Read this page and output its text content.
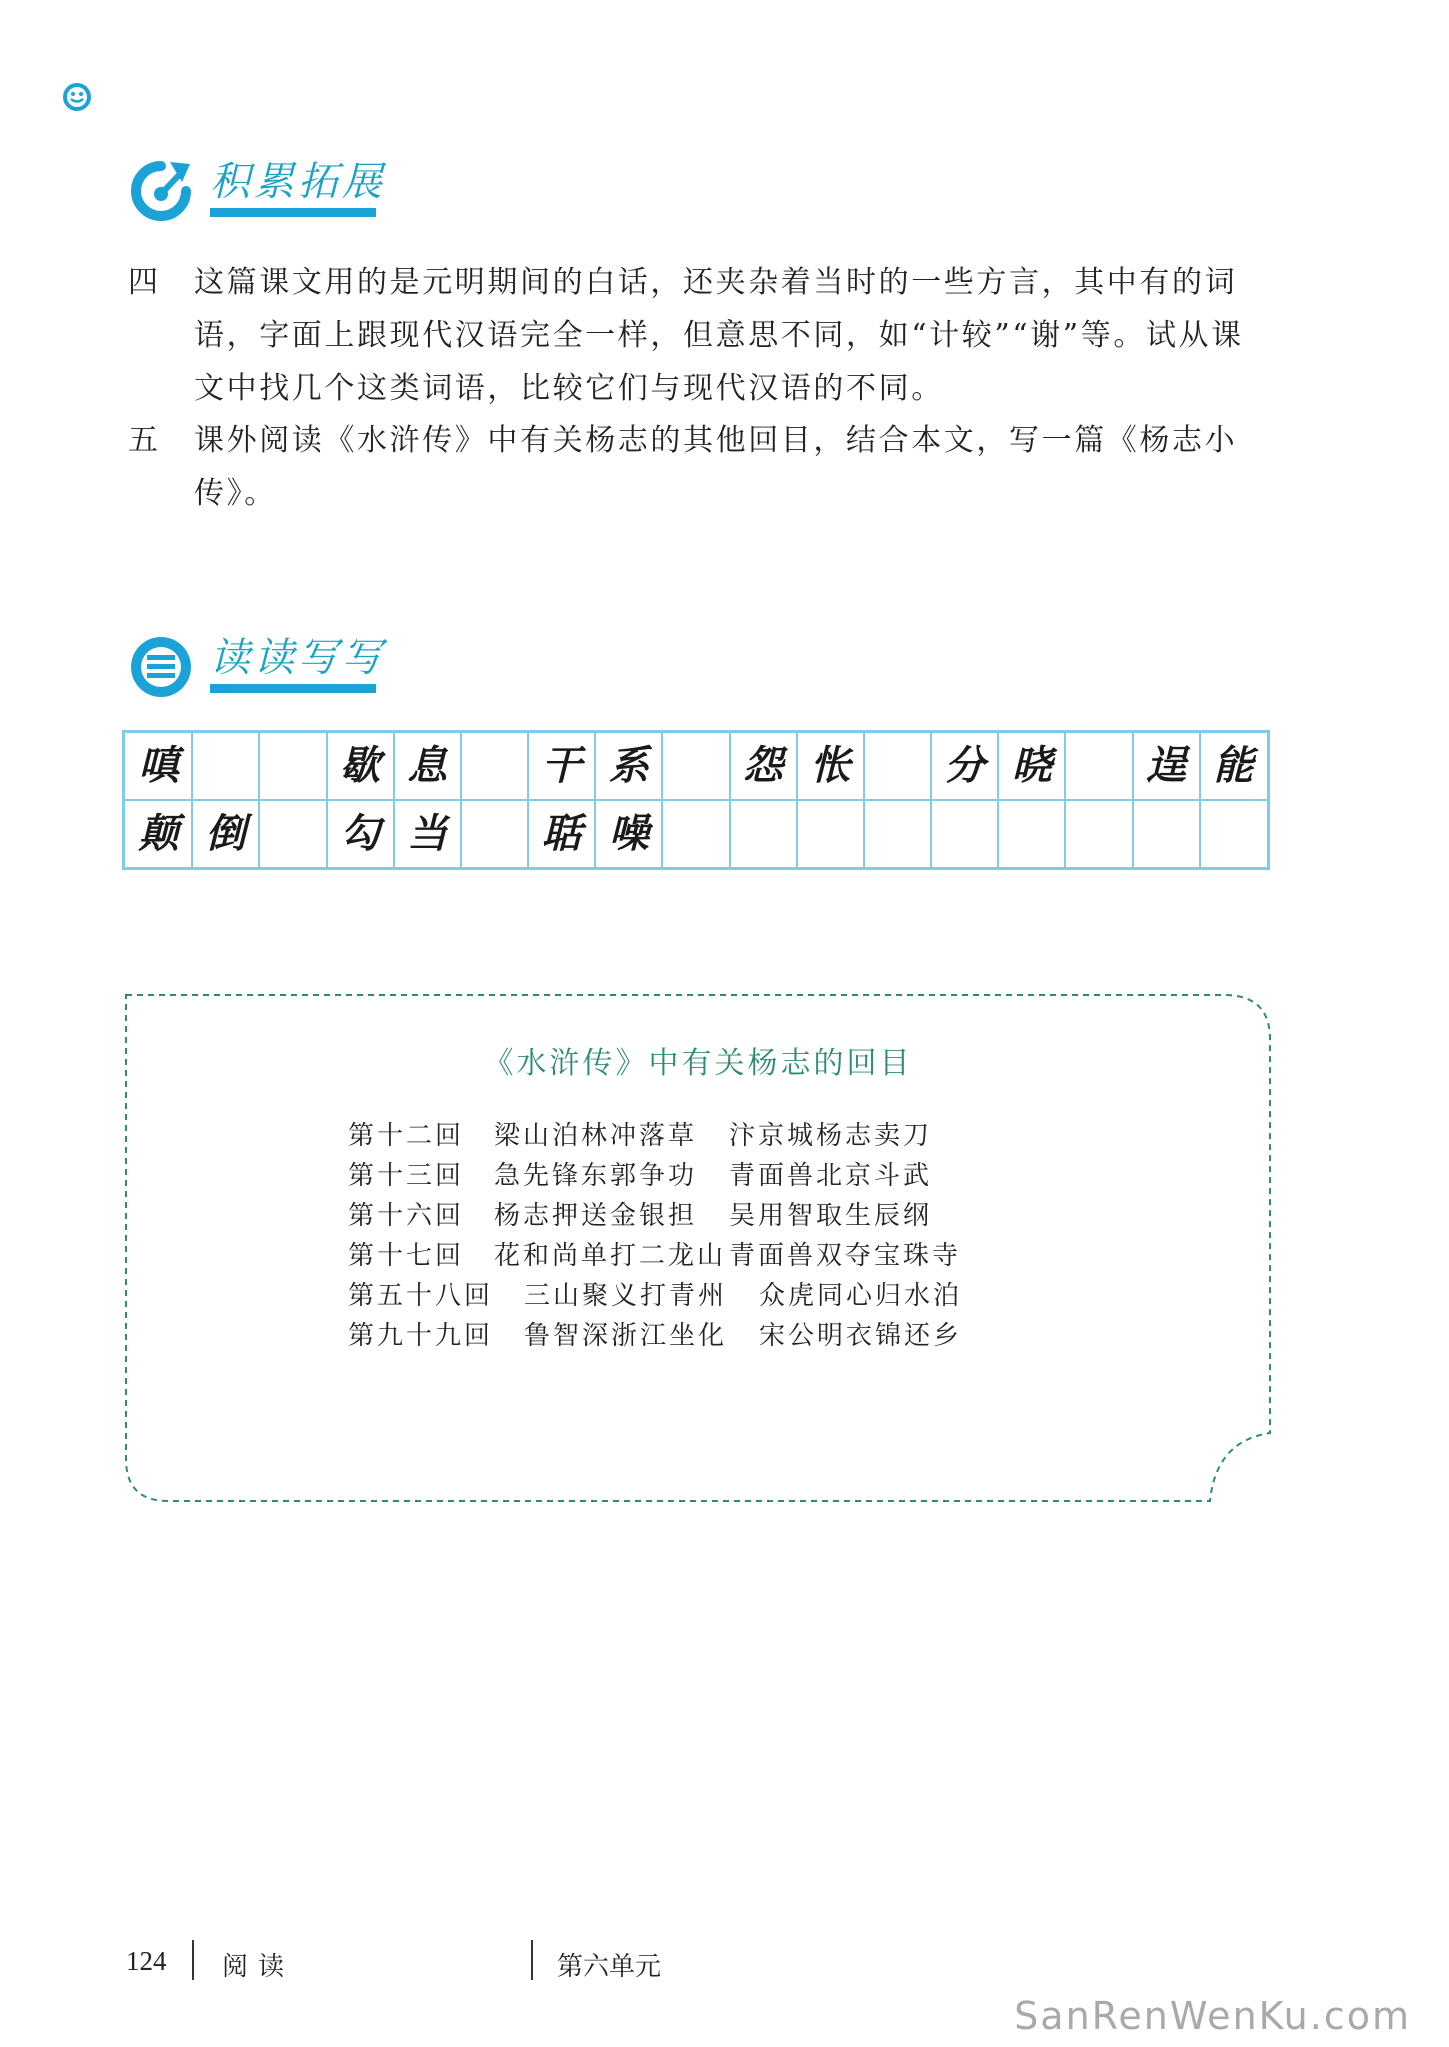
积累拓展
四	这篇课文用的是元明期间的白话，还夹杂着当时的一些方言，其中有的词语，字面上跟现代汉语完全一样，但意思不同，如“计较”“谢”等。试从课文中找几个这类词语，比较它们与现代汉语的不同。
五	课外阅读《水浒传》中有关杨志的其他回目，结合本文，写一篇《杨志小传》。
读读写写
嗔	歇 息	干 系	怨 怅	分 晓	逞 能
颠 倒	勾 当	聒 噪
《水浒传》中有关杨志的回目
第十二回 梁山泊林冲落草 汴京城杨志卖刀
第十三回 急先锋东郭争功 青面兽北京斗武
第十六回 杨志押送金银担 吴用智取生辰纲
第十七回 花和尚单打二龙山 青面兽双夺宝珠寺
第五十八回 三山聚义打青州 众虎同心归水泊
第九十九回 鲁智深浙江坐化 宋公明衣锦还乡
124 阅读	第六单元
SanRenWenKu.com
